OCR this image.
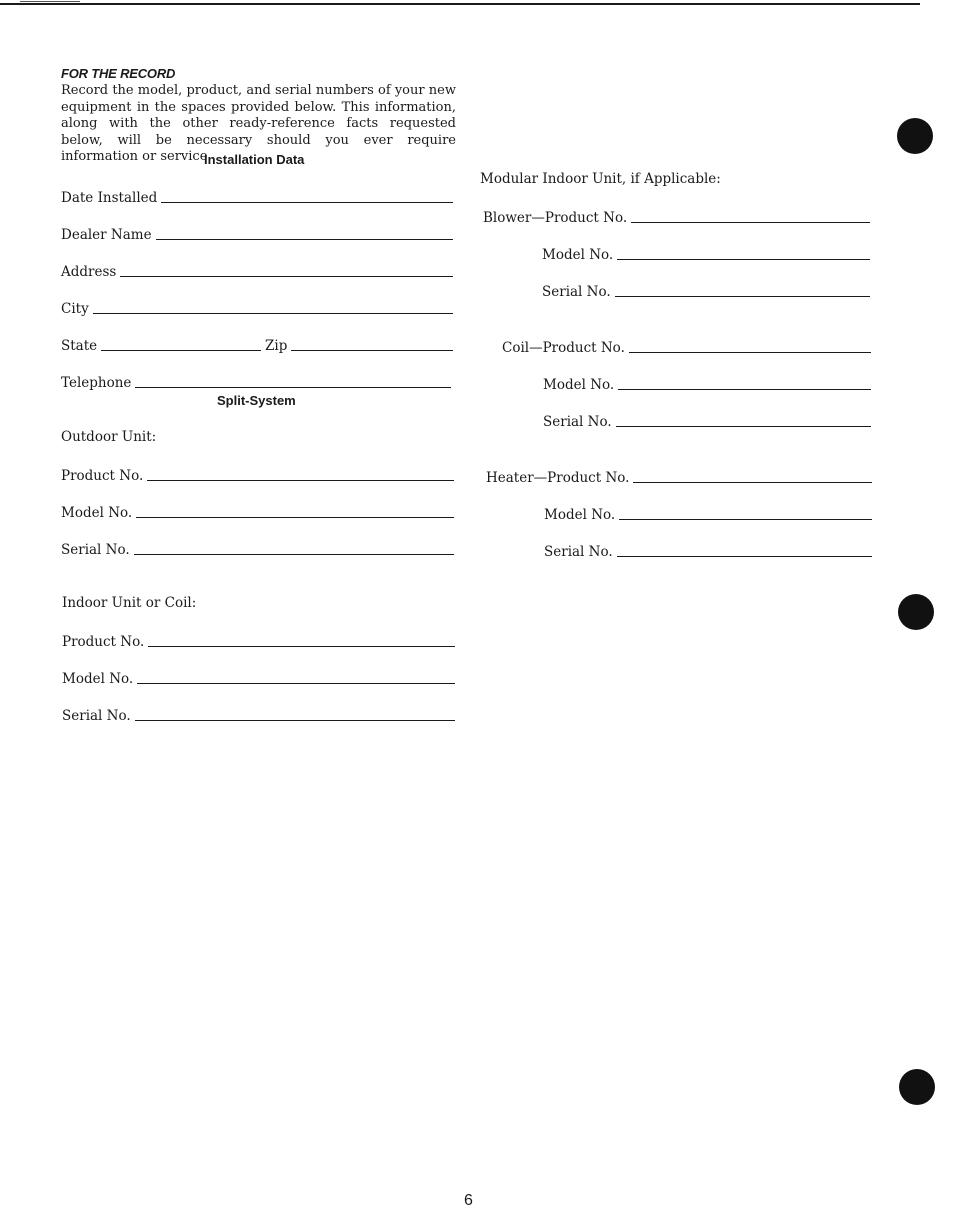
FOR THE RECORD
Record the model, product, and serial numbers of your new equipment in the spaces provided below. This information, along with the other ready-reference facts requested below, will be necessary should you ever require information or service.
Installation Data
Date Installed
Dealer Name
Address
City
State	Zip
Telephone
Split-System
Outdoor Unit:
Product No.
Model No.
Serial No.
Indoor Unit or Coil:
Product No.
Model No.
Serial No.
Modular Indoor Unit, if Applicable:
Blower—Product No.
Model No.
Serial No.
Coil—Product No.
Model No.
Serial No.
Heater—Product No.
Model No.
Serial No.
6
